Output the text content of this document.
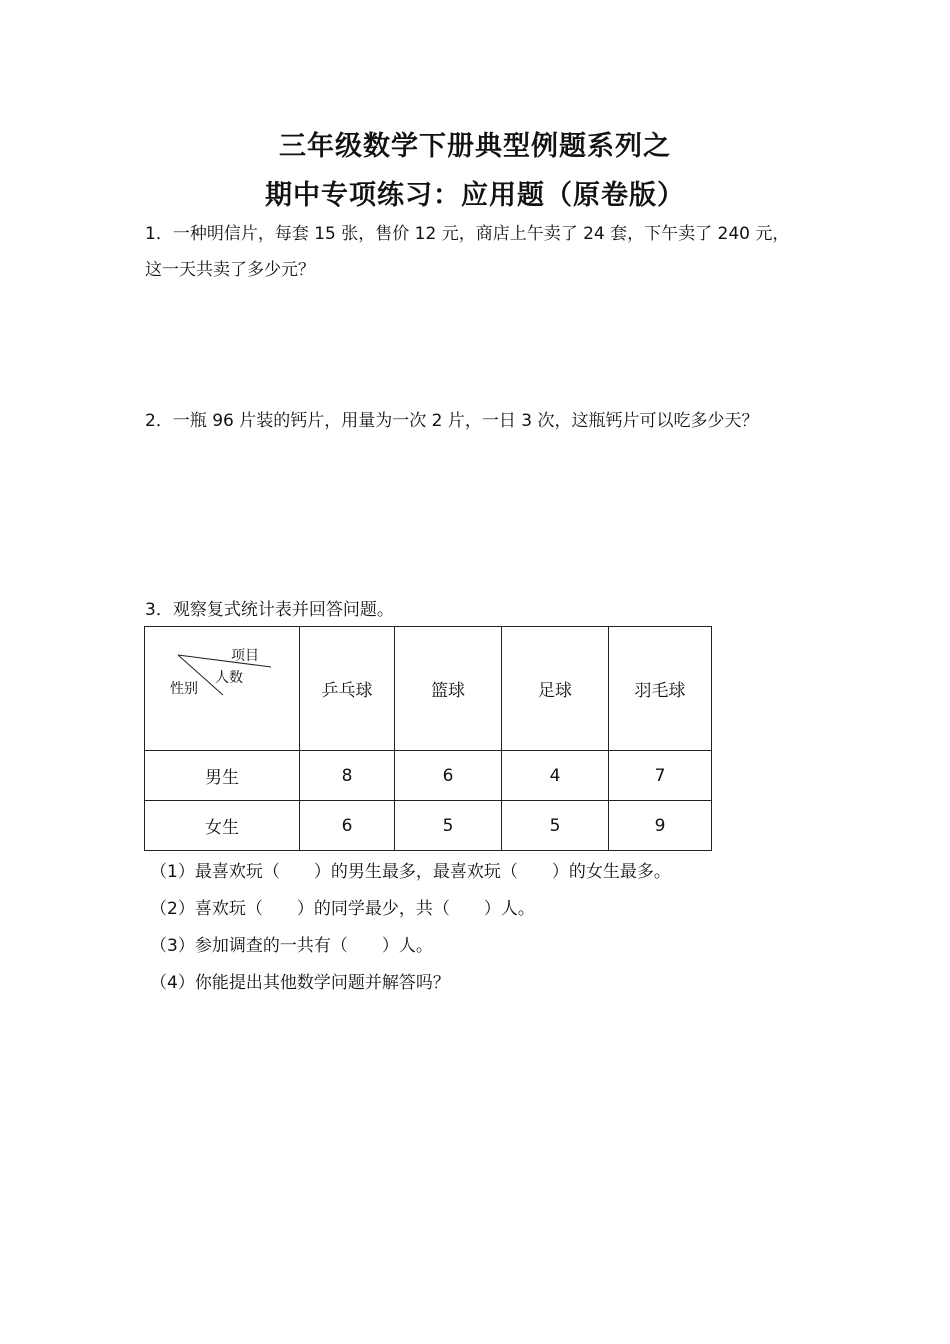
三年级数学下册典型例题系列之
期中专项练习：应用题（原卷版）
1．一种明信片，每套 15 张，售价 12 元，商店上午卖了 24 套，下午卖了 240 元，这一天共卖了多少元？
2．一瓶 96 片装的钙片，用量为一次 2 片，一日 3 次，这瓶钙片可以吃多少天？
3．观察复式统计表并回答问题。
项目
人数
性别	乒乓球	篮球	足球	羽毛球
男生	8	6	4	7
女生	6	5	5	9
（1）最喜欢玩（　　）的男生最多，最喜欢玩（　　）的女生最多。
（2）喜欢玩（　　）的同学最少，共（　　）人。
（3）参加调查的一共有（　　）人。
（4）你能提出其他数学问题并解答吗？
